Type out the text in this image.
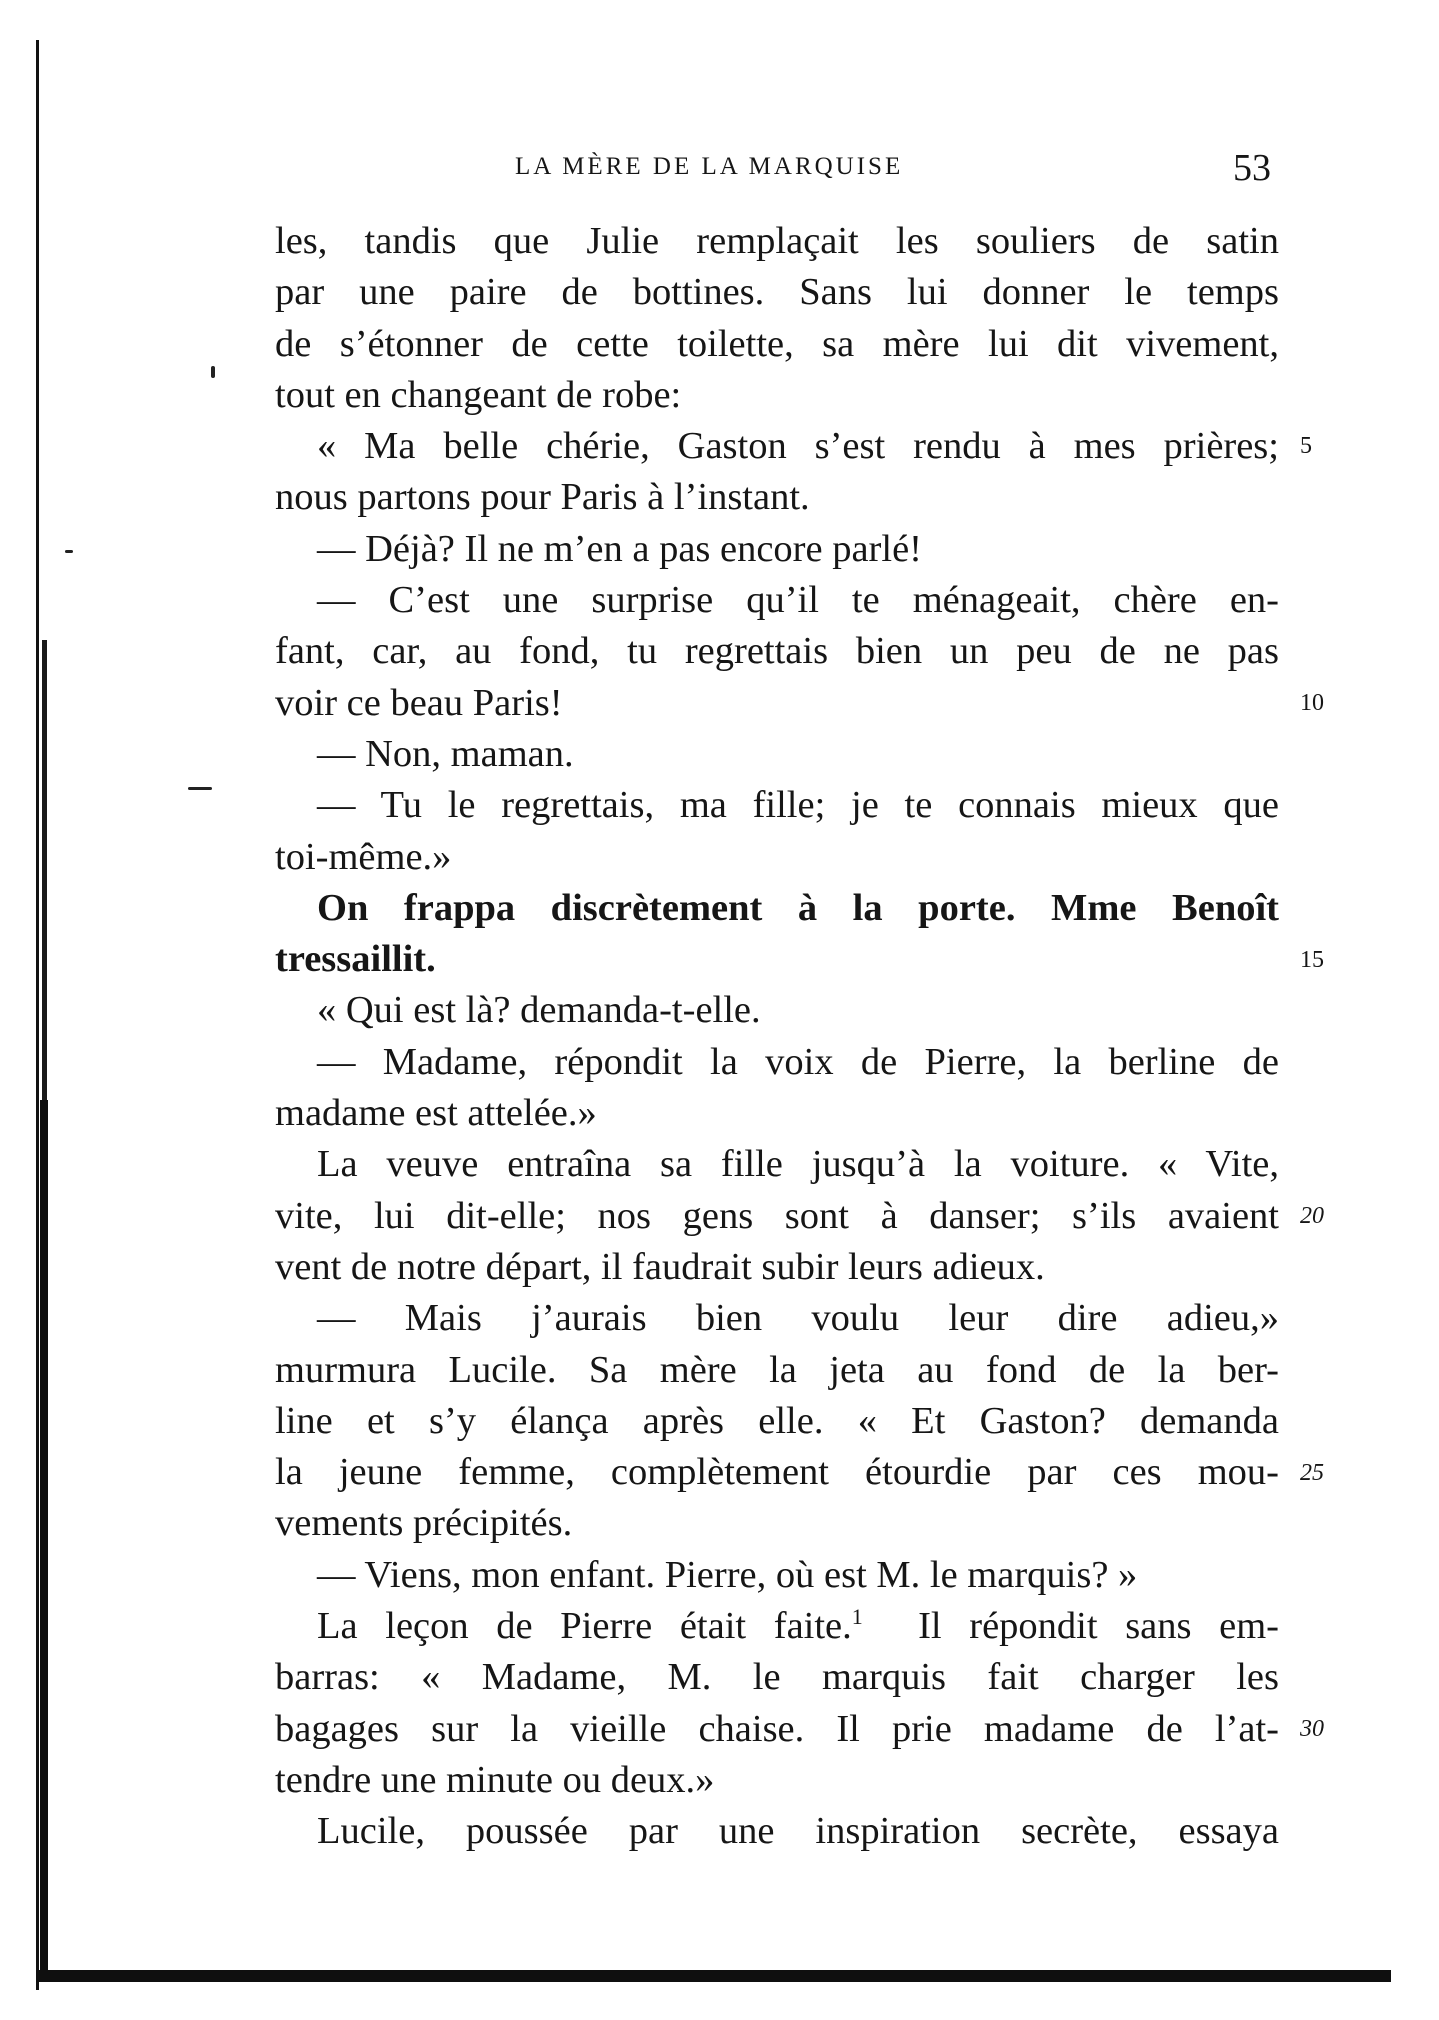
LA MÈRE DE LA MARQUISE	53
les, tandis que Julie remplaçait les souliers de satin
par une paire de bottines. Sans lui donner le temps
de s’étonner de cette toilette, sa mère lui dit vivement,
tout en changeant de robe:
« Ma belle chérie, Gaston s’est rendu à mes prières;
nous partons pour Paris à l’instant.
— Déjà? Il ne m’en a pas encore parlé!
— C’est une surprise qu’il te ménageait, chère en-
fant, car, au fond, tu regrettais bien un peu de ne pas
voir ce beau Paris!
— Non, maman.
— Tu le regrettais, ma fille; je te connais mieux que
toi-même.»
On frappa discrètement à la porte. Mme Benoît
tressaillit.
« Qui est là? demanda-t-elle.
— Madame, répondit la voix de Pierre, la berline de
madame est attelée.»
La veuve entraîna sa fille jusqu’à la voiture. « Vite,
vite, lui dit-elle; nos gens sont à danser; s’ils avaient
vent de notre départ, il faudrait subir leurs adieux.
— Mais j’aurais bien voulu leur dire adieu,»
murmura Lucile. Sa mère la jeta au fond de la ber-
line et s’y élança après elle. « Et Gaston? demanda
la jeune femme, complètement étourdie par ces mou-
vements précipités.
— Viens, mon enfant. Pierre, où est M. le marquis? »
La leçon de Pierre était faite.$^1$ Il répondit sans em-
barras: « Madame, M. le marquis fait charger les
bagages sur la vieille chaise. Il prie madame de l’at-
tendre une minute ou deux.»
Lucile, poussée par une inspiration secrète, essaya
5
10
15
20
25
30
